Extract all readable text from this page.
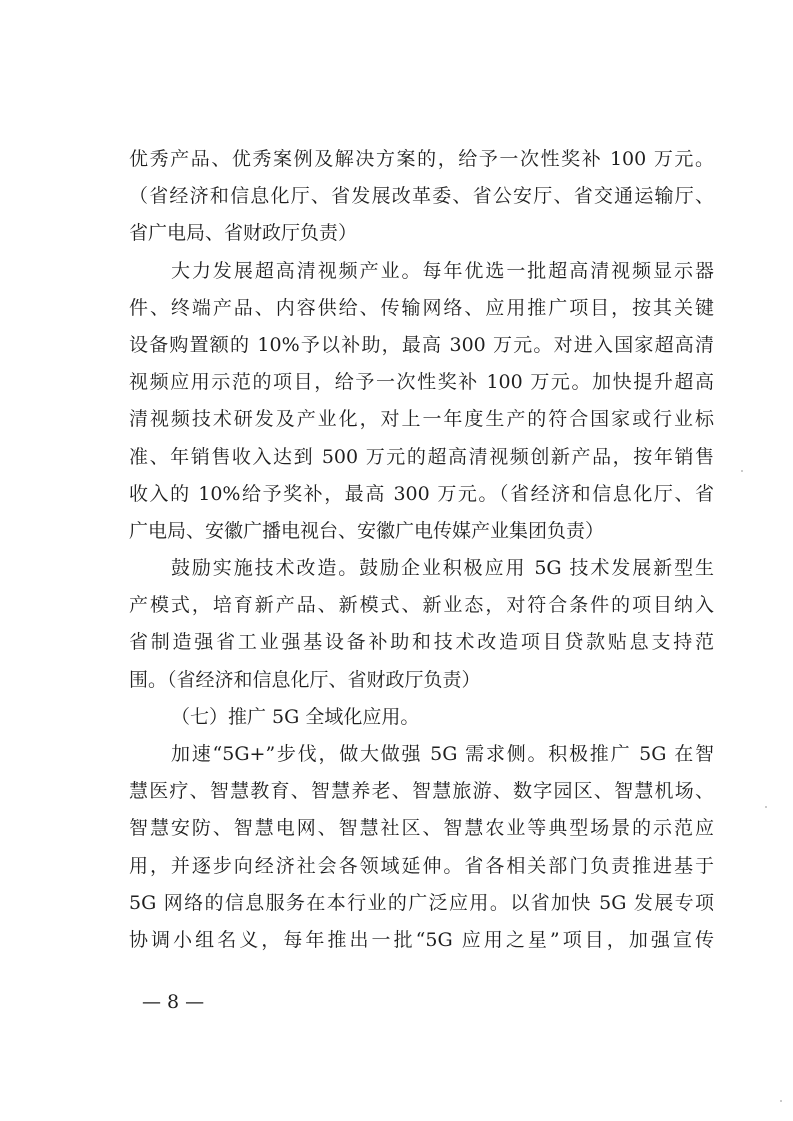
优秀产品、优秀案例及解决方案的，给予一次性奖补 100 万元。
（省经济和信息化厅、省发展改革委、省公安厅、省交通运输厅、
省广电局、省财政厅负责）
大力发展超高清视频产业。每年优选一批超高清视频显示器
件、终端产品、内容供给、传输网络、应用推广项目，按其关键
设备购置额的 10%予以补助，最高 300 万元。对进入国家超高清
视频应用示范的项目，给予一次性奖补 100 万元。加快提升超高
清视频技术研发及产业化，对上一年度生产的符合国家或行业标
准、年销售收入达到 500 万元的超高清视频创新产品，按年销售
收入的 10%给予奖补，最高 300 万元。（省经济和信息化厅、省
广电局、安徽广播电视台、安徽广电传媒产业集团负责）
鼓励实施技术改造。鼓励企业积极应用 5G 技术发展新型生
产模式，培育新产品、新模式、新业态，对符合条件的项目纳入
省制造强省工业强基设备补助和技术改造项目贷款贴息支持范
围。（省经济和信息化厅、省财政厅负责）
（七）推广 5G 全域化应用。
加速“5G+”步伐，做大做强 5G 需求侧。积极推广 5G 在智
慧医疗、智慧教育、智慧养老、智慧旅游、数字园区、智慧机场、
智慧安防、智慧电网、智慧社区、智慧农业等典型场景的示范应
用，并逐步向经济社会各领域延伸。省各相关部门负责推进基于
5G 网络的信息服务在本行业的广泛应用。以省加快 5G 发展专项
协调小组名义，每年推出一批“5G 应用之星”项目，加强宣传
— 8 —
